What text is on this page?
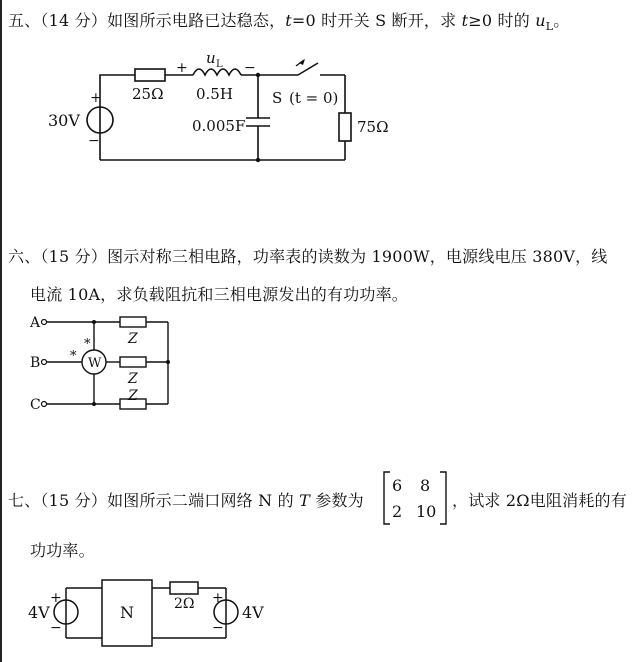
五、（14 分）如图所示电路已达稳态，t=0 时开关 S 断开，求 t≥0 时的 $u_L$。
+
−
30V
25Ω
+	−
u L
0.5H
0.005F
S (t = 0)
75Ω
六、（15 分）图示对称三相电路，功率表的读数为 1900W，电源线电压 380V，线
电流 10A，求负载阻抗和三相电源发出的有功功率。
A
B
C
Z
Z
Z
*
*
W
七、（15 分）如图所示二端口网络 N 的 T 参数为
6 8
2 10
，试求 2Ω电阻消耗的有
功功率。
+
−
4V	N	2Ω +
−
4V
